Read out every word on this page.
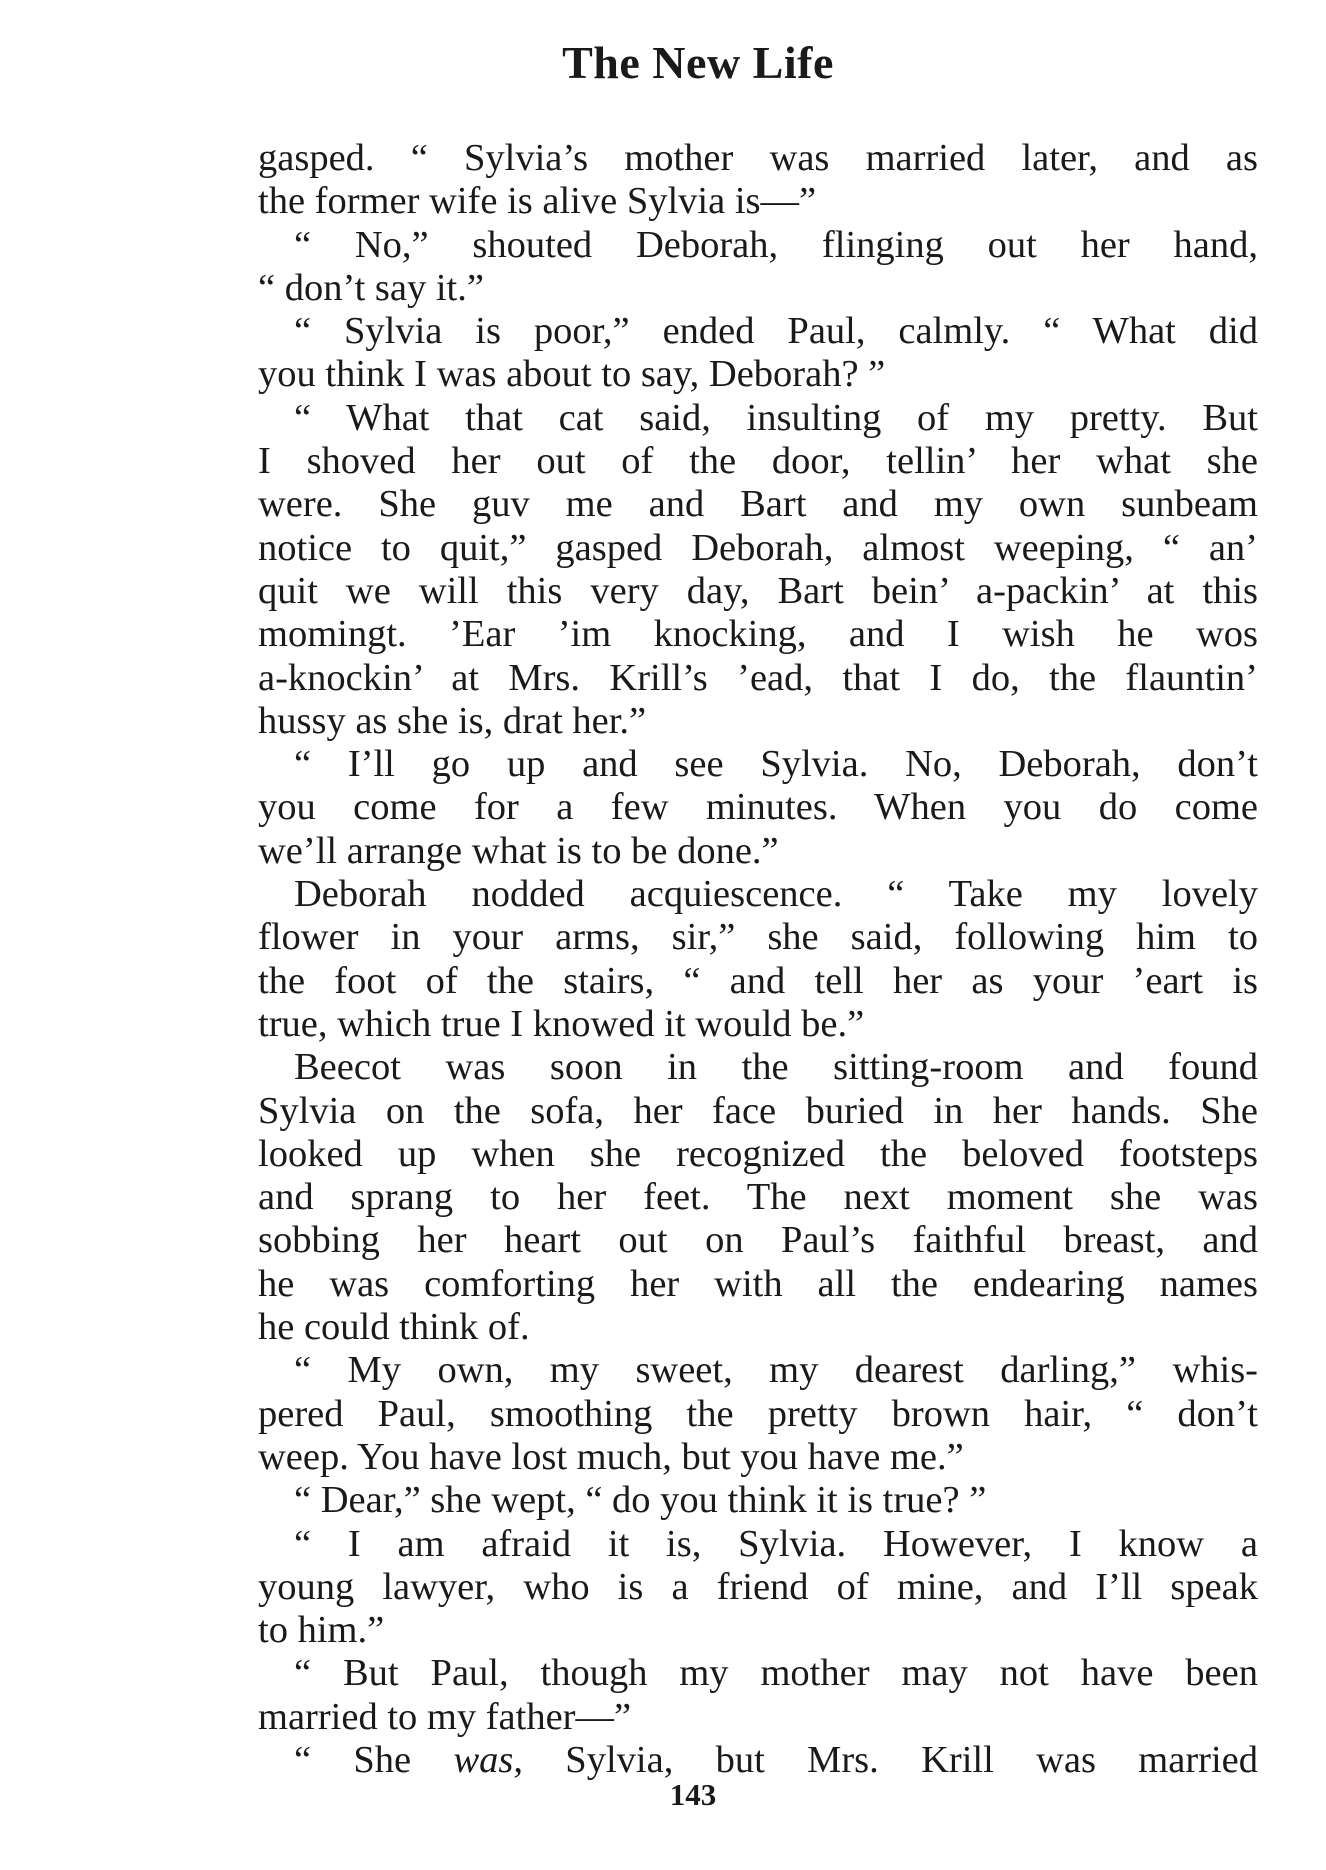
The New Life
gasped. “ Sylvia’s mother was married later, and as
the former wife is alive Sylvia is—”
“ No,” shouted Deborah, flinging out her hand,
“ don’t say it.”
“ Sylvia is poor,” ended Paul, calmly. “ What did
you think I was about to say, Deborah? ”
“ What that cat said, insulting of my pretty. But
I shoved her out of the door, tellin’ her what she
were. She guv me and Bart and my own sunbeam
notice to quit,” gasped Deborah, almost weeping, “ an’
quit we will this very day, Bart bein’ a-packin’ at this
momingt. ’Ear ’im knocking, and I wish he wos
a-knockin’ at Mrs. Krill’s ’ead, that I do, the flauntin’
hussy as she is, drat her.”
“ I’ll go up and see Sylvia. No, Deborah, don’t
you come for a few minutes. When you do come
we’ll arrange what is to be done.”
Deborah nodded acquiescence. “ Take my lovely
flower in your arms, sir,” she said, following him to
the foot of the stairs, “ and tell her as your ’eart is
true, which true I knowed it would be.”
Beecot was soon in the sitting-room and found
Sylvia on the sofa, her face buried in her hands. She
looked up when she recognized the beloved footsteps
and sprang to her feet. The next moment she was
sobbing her heart out on Paul’s faithful breast, and
he was comforting her with all the endearing names
he could think of.
“ My own, my sweet, my dearest darling,” whis-
pered Paul, smoothing the pretty brown hair, “ don’t
weep. You have lost much, but you have me.”
“ Dear,” she wept, “ do you think it is true? ”
“ I am afraid it is, Sylvia. However, I know a
young lawyer, who is a friend of mine, and I’ll speak
to him.”
“ But Paul, though my mother may not have been
married to my father—”
“ She was, Sylvia, but Mrs. Krill was married
143
